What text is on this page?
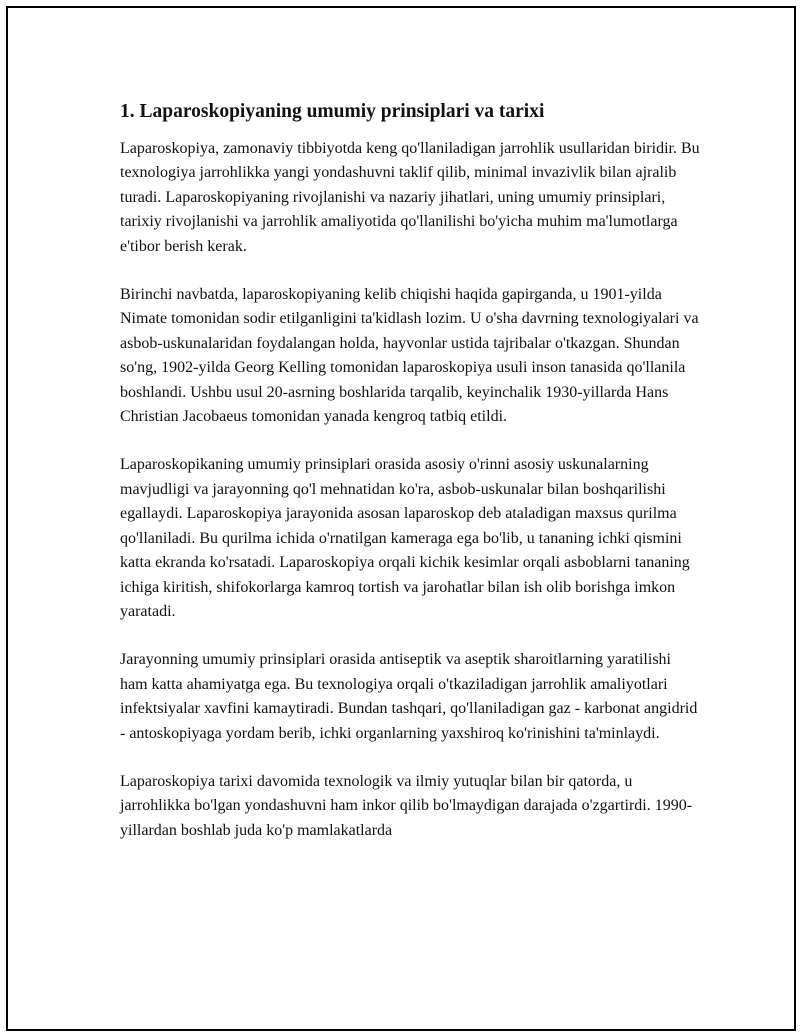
1. Laparoskopiyaning umumiy prinsiplari va tarixi

Laparoskopiya, zamonaviy tibbiyotda keng qo'llaniladigan jarrohlik usullaridan biridir. Bu texnologiya jarrohlikka yangi yondashuvni taklif qilib, minimal invazivlik bilan ajralib turadi. Laparoskopiyaning rivojlanishi va nazariy jihatlari, uning umumiy prinsiplari, tarixiy rivojlanishi va jarrohlik amaliyotida qo'llanilishi bo'yicha muhim ma'lumotlarga e'tibor berish kerak.

Birinchi navbatda, laparoskopiyaning kelib chiqishi haqida gapirganda, u 1901-yilda Nimate tomonidan sodir etilganligini ta'kidlash lozim. U o'sha davrning texnologiyalari va asbob-uskunalaridan foydalangan holda, hayvonlar ustida tajribalar o'tkazgan. Shundan so'ng, 1902-yilda Georg Kelling tomonidan laparoskopiya usuli inson tanasida qo'llanila boshlandi. Ushbu usul 20-asrning boshlarida tarqalib, keyinchalik 1930-yillarda Hans Christian Jacobaeus tomonidan yanada kengroq tatbiq etildi.

Laparoskopikaning umumiy prinsiplari orasida asosiy o'rinni asosiy uskunalarning mavjudligi va jarayonning qo'l mehnatidan ko'ra, asbob-uskunalar bilan boshqarilishi egallaydi. Laparoskopiya jarayonida asosan laparoskop deb ataladigan maxsus qurilma qo'llaniladi. Bu qurilma ichida o'rnatilgan kameraga ega bo'lib, u tananing ichki qismini katta ekranda ko'rsatadi. Laparoskopiya orqali kichik kesimlar orqali asboblarni tananing ichiga kiritish, shifokorlarga kamroq tortish va jarohatlar bilan ish olib borishga imkon yaratadi.

Jarayonning umumiy prinsiplari orasida antiseptik va aseptik sharoitlarning yaratilishi ham katta ahamiyatga ega. Bu texnologiya orqali o'tkaziladigan jarrohlik amaliyotlari infektsiyalar xavfini kamaytiradi. Bundan tashqari, qo'llaniladigan gaz - karbonat angidrid - antoskopiyaga yordam berib, ichki organlarning yaxshiroq ko'rinishini ta'minlaydi.

Laparoskopiya tarixi davomida texnologik va ilmiy yutuqlar bilan bir qatorda, u jarrohlikka bo'lgan yondashuvni ham inkor qilib bo'lmaydigan darajada o'zgartirdi. 1990-yillardan boshlab juda ko'p mamlakatlarda
